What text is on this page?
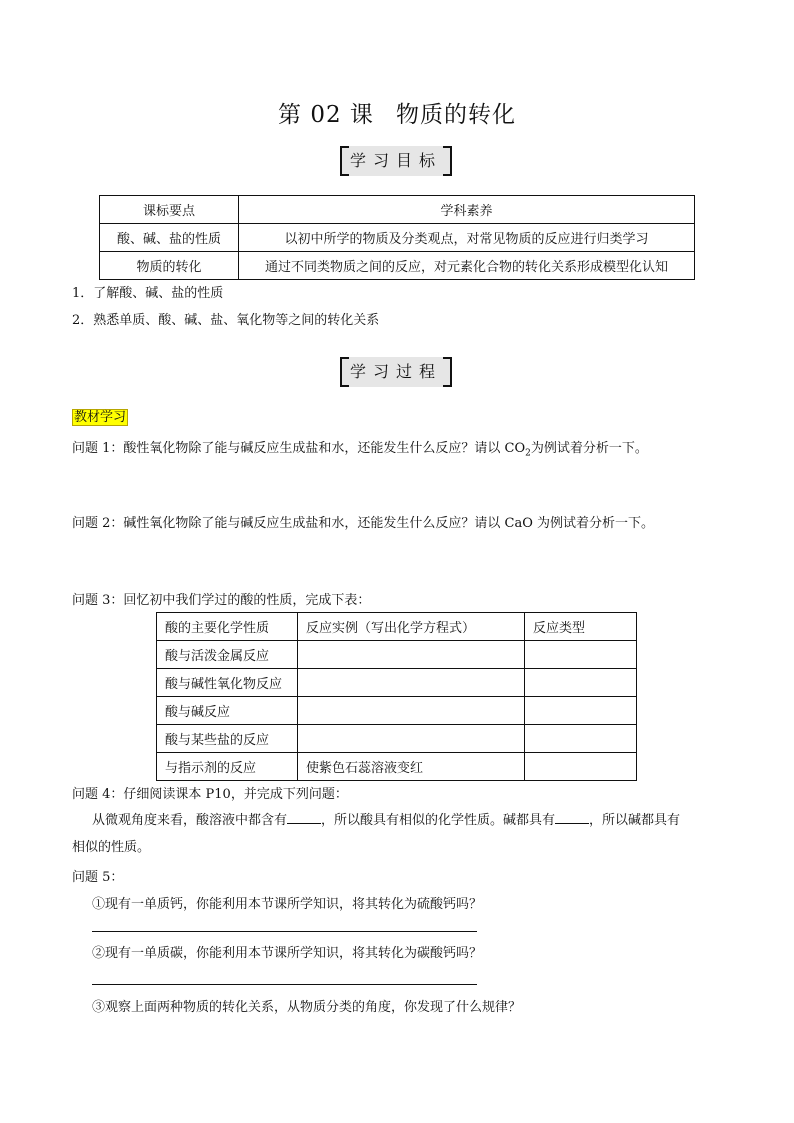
第 02 课 物质的转化
学习目标
课标要点	学科素养
酸、碱、盐的性质	以初中所学的物质及分类观点，对常见物质的反应进行归类学习
物质的转化	通过不同类物质之间的反应，对元素化合物的转化关系形成模型化认知
1．了解酸、碱、盐的性质
2．熟悉单质、酸、碱、盐、氧化物等之间的转化关系
学习过程
教材学习
问题 1：酸性氧化物除了能与碱反应生成盐和水，还能发生什么反应？请以 $CO_2$为例试着分析一下。
问题 2：碱性氧化物除了能与碱反应生成盐和水，还能发生什么反应？请以 CaO 为例试着分析一下。
问题 3：回忆初中我们学过的酸的性质，完成下表：
酸的主要化学性质	反应实例（写出化学方程式）	反应类型
酸与活泼金属反应		
酸与碱性氧化物反应		
酸与碱反应		
酸与某些盐的反应		
与指示剂的反应	使紫色石蕊溶液变红	
问题 4：仔细阅读课本 P10，并完成下列问题：
从微观角度来看，酸溶液中都含有	，所以酸具有相似的化学性质。碱都具有	，所以碱都具有
相似的性质。
问题 5：
①现有一单质钙，你能利用本节课所学知识，将其转化为硫酸钙吗？
②现有一单质碳，你能利用本节课所学知识，将其转化为碳酸钙吗？
③观察上面两种物质的转化关系，从物质分类的角度，你发现了什么规律？
